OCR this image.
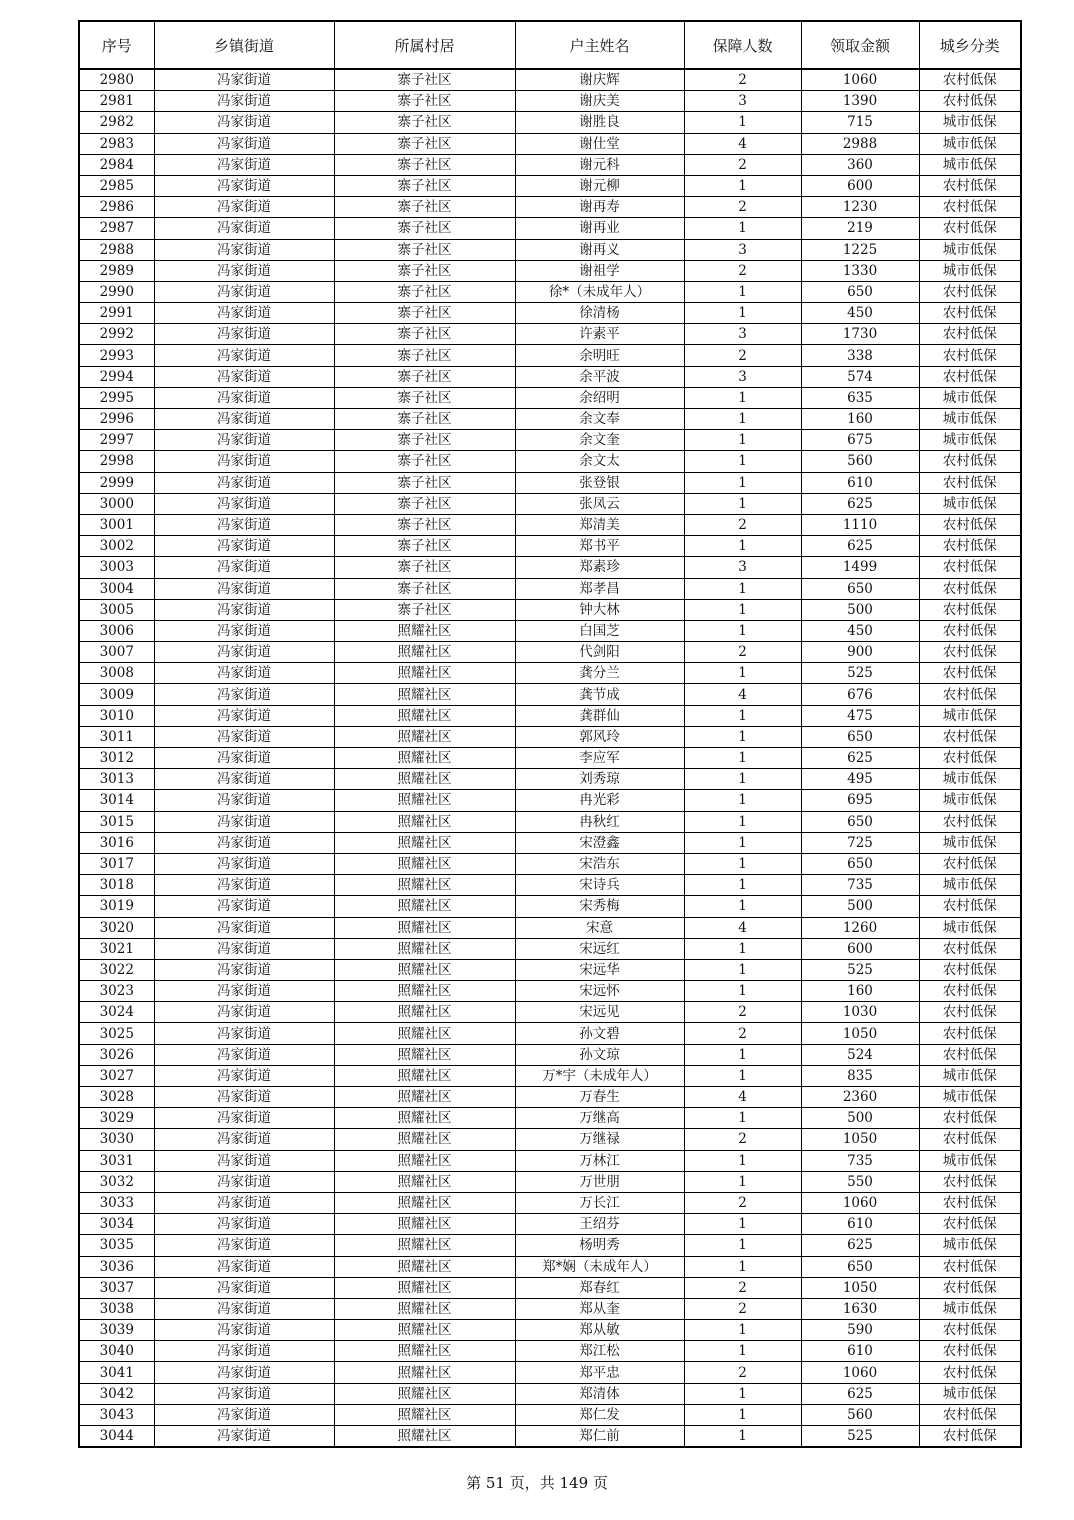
序号	乡镇街道	所属村居	户主姓名	保障人数	领取金额	城乡分类
2980	冯家街道	寨子社区	谢庆辉	2	1060	农村低保
2981	冯家街道	寨子社区	谢庆美	3	1390	农村低保
2982	冯家街道	寨子社区	谢胜良	1	715	城市低保
2983	冯家街道	寨子社区	谢仕堂	4	2988	城市低保
2984	冯家街道	寨子社区	谢元科	2	360	城市低保
2985	冯家街道	寨子社区	谢元柳	1	600	农村低保
2986	冯家街道	寨子社区	谢再寿	2	1230	农村低保
2987	冯家街道	寨子社区	谢再业	1	219	农村低保
2988	冯家街道	寨子社区	谢再义	3	1225	城市低保
2989	冯家街道	寨子社区	谢祖学	2	1330	城市低保
2990	冯家街道	寨子社区	徐*（未成年人）	1	650	农村低保
2991	冯家街道	寨子社区	徐清杨	1	450	农村低保
2992	冯家街道	寨子社区	许素平	3	1730	农村低保
2993	冯家街道	寨子社区	余明旺	2	338	农村低保
2994	冯家街道	寨子社区	余平波	3	574	农村低保
2995	冯家街道	寨子社区	余绍明	1	635	城市低保
2996	冯家街道	寨子社区	余文奉	1	160	城市低保
2997	冯家街道	寨子社区	余文奎	1	675	城市低保
2998	冯家街道	寨子社区	余文太	1	560	农村低保
2999	冯家街道	寨子社区	张登银	1	610	农村低保
3000	冯家街道	寨子社区	张凤云	1	625	城市低保
3001	冯家街道	寨子社区	郑清美	2	1110	农村低保
3002	冯家街道	寨子社区	郑书平	1	625	农村低保
3003	冯家街道	寨子社区	郑素珍	3	1499	农村低保
3004	冯家街道	寨子社区	郑孝昌	1	650	农村低保
3005	冯家街道	寨子社区	钟大林	1	500	农村低保
3006	冯家街道	照耀社区	白国芝	1	450	农村低保
3007	冯家街道	照耀社区	代剑阳	2	900	农村低保
3008	冯家街道	照耀社区	龚分兰	1	525	农村低保
3009	冯家街道	照耀社区	龚节成	4	676	农村低保
3010	冯家街道	照耀社区	龚群仙	1	475	城市低保
3011	冯家街道	照耀社区	郭风玲	1	650	农村低保
3012	冯家街道	照耀社区	李应军	1	625	农村低保
3013	冯家街道	照耀社区	刘秀琼	1	495	城市低保
3014	冯家街道	照耀社区	冉光彩	1	695	城市低保
3015	冯家街道	照耀社区	冉秋红	1	650	农村低保
3016	冯家街道	照耀社区	宋澄鑫	1	725	城市低保
3017	冯家街道	照耀社区	宋浩东	1	650	农村低保
3018	冯家街道	照耀社区	宋诗兵	1	735	城市低保
3019	冯家街道	照耀社区	宋秀梅	1	500	农村低保
3020	冯家街道	照耀社区	宋意	4	1260	城市低保
3021	冯家街道	照耀社区	宋远红	1	600	农村低保
3022	冯家街道	照耀社区	宋远华	1	525	农村低保
3023	冯家街道	照耀社区	宋远怀	1	160	农村低保
3024	冯家街道	照耀社区	宋远见	2	1030	农村低保
3025	冯家街道	照耀社区	孙文碧	2	1050	农村低保
3026	冯家街道	照耀社区	孙文琼	1	524	农村低保
3027	冯家街道	照耀社区	万*宇（未成年人）	1	835	城市低保
3028	冯家街道	照耀社区	万春生	4	2360	城市低保
3029	冯家街道	照耀社区	万继高	1	500	农村低保
3030	冯家街道	照耀社区	万继禄	2	1050	农村低保
3031	冯家街道	照耀社区	万林江	1	735	城市低保
3032	冯家街道	照耀社区	万世朋	1	550	农村低保
3033	冯家街道	照耀社区	万长江	2	1060	农村低保
3034	冯家街道	照耀社区	王绍芬	1	610	农村低保
3035	冯家街道	照耀社区	杨明秀	1	625	城市低保
3036	冯家街道	照耀社区	郑*娴（未成年人）	1	650	农村低保
3037	冯家街道	照耀社区	郑春红	2	1050	农村低保
3038	冯家街道	照耀社区	郑从奎	2	1630	城市低保
3039	冯家街道	照耀社区	郑从敏	1	590	农村低保
3040	冯家街道	照耀社区	郑江松	1	610	农村低保
3041	冯家街道	照耀社区	郑平忠	2	1060	农村低保
3042	冯家街道	照耀社区	郑清体	1	625	城市低保
3043	冯家街道	照耀社区	郑仁发	1	560	农村低保
3044	冯家街道	照耀社区	郑仁前	1	525	农村低保
第 51 页，共 149 页
